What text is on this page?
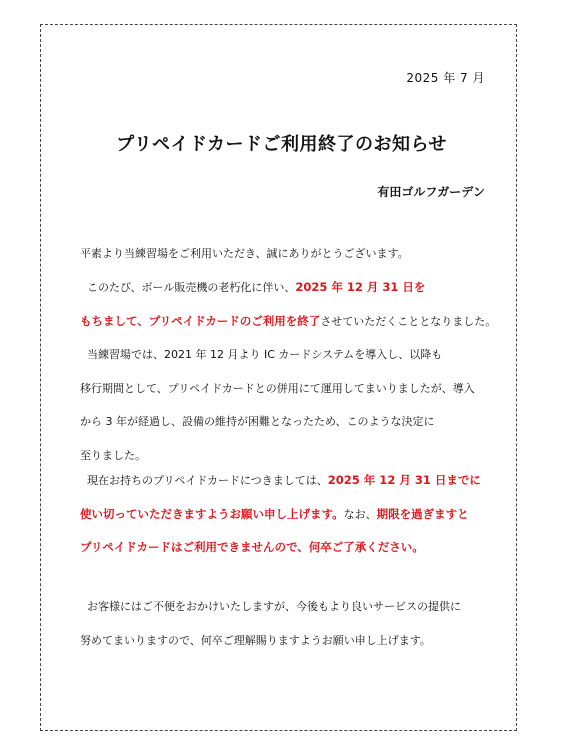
2025 年 7 月
プリペイドカードご利用終了のお知らせ
有田ゴルフガーデン
平素より当練習場をご利用いただき、誠にありがとうございます。
このたび、ボール販売機の老朽化に伴い、2025 年 12 月 31 日を
もちまして、プリペイドカードのご利用を終了させていただくこととなりました。
当練習場では、2021 年 12 月より IC カードシステムを導入し、以降も
移行期間として、プリペイドカードとの併用にて運用してまいりましたが、導入
から 3 年が経過し、設備の維持が困難となったため、このような決定に
至りました。
現在お持ちのプリペイドカードにつきましては、2025 年 12 月 31 日までに
使い切っていただきますようお願い申し上げます。なお、期限を過ぎますと
プリペイドカードはご利用できませんので、何卒ご了承ください。
お客様にはご不便をおかけいたしますが、今後もより良いサービスの提供に
努めてまいりますので、何卒ご理解賜りますようお願い申し上げます。
